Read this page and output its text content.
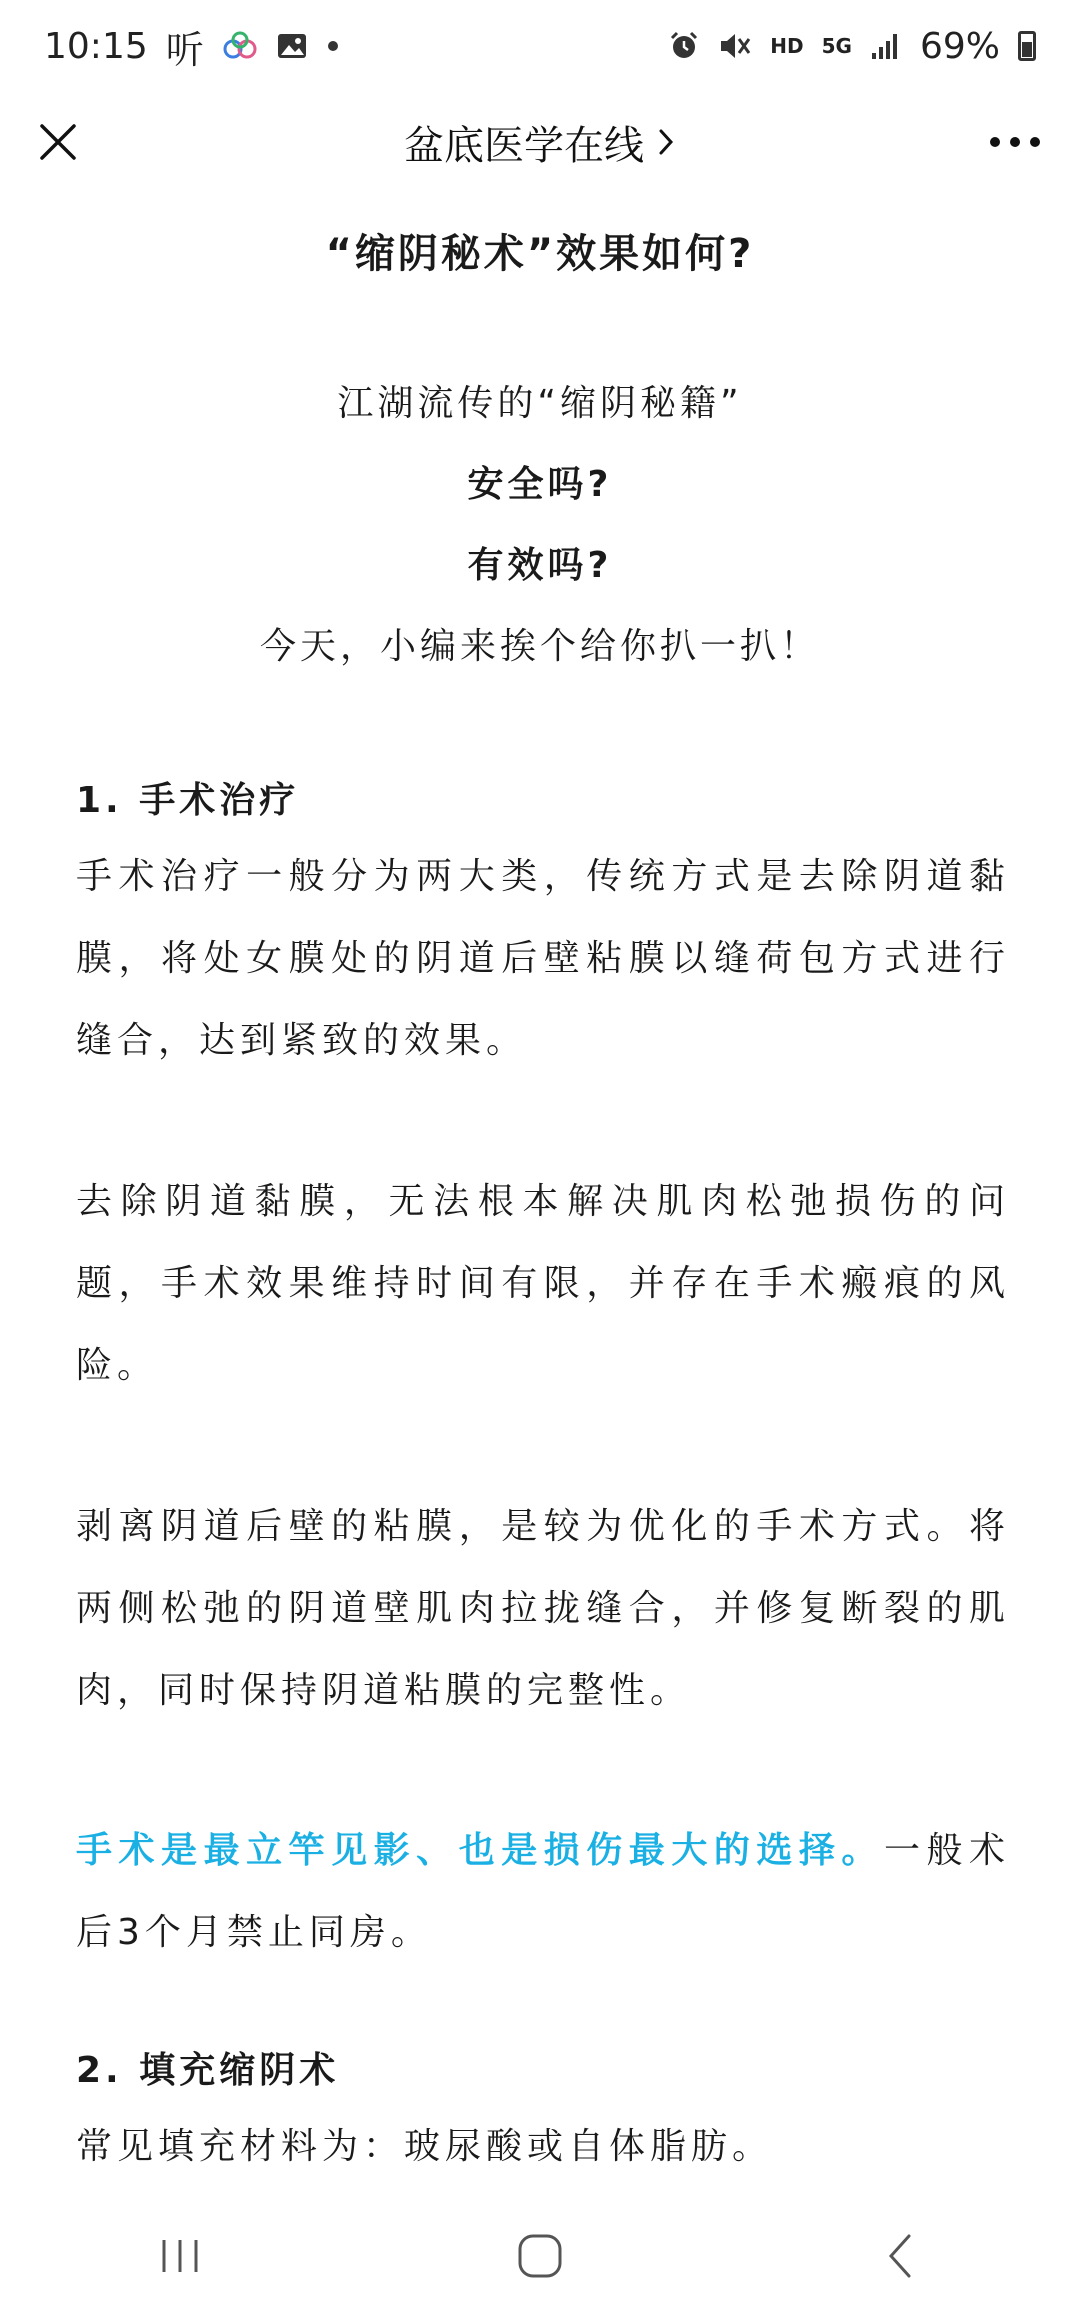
10:15 听	HD 5G 69%
盆底医学在线
“缩阴秘术”效果如何?
江湖流传的“缩阴秘籍”
安全吗?
有效吗?
今天，小编来挨个给你扒一扒！
1. 手术治疗
手术治疗一般分为两大类，传统方式是去除阴道黏膜，将处女膜处的阴道后壁粘膜以缝荷包方式进行缝合，达到紧致的效果。
去除阴道黏膜，无法根本解决肌肉松弛损伤的问题，手术效果维持时间有限，并存在手术瘢痕的风险。
剥离阴道后壁的粘膜，是较为优化的手术方式。将两侧松弛的阴道壁肌肉拉拢缝合，并修复断裂的肌肉，同时保持阴道粘膜的完整性。
手术是最立竿见影、也是损伤最大的选择。一般术后3个月禁止同房。
2. 填充缩阴术
常见填充材料为：玻尿酸或自体脂肪。
